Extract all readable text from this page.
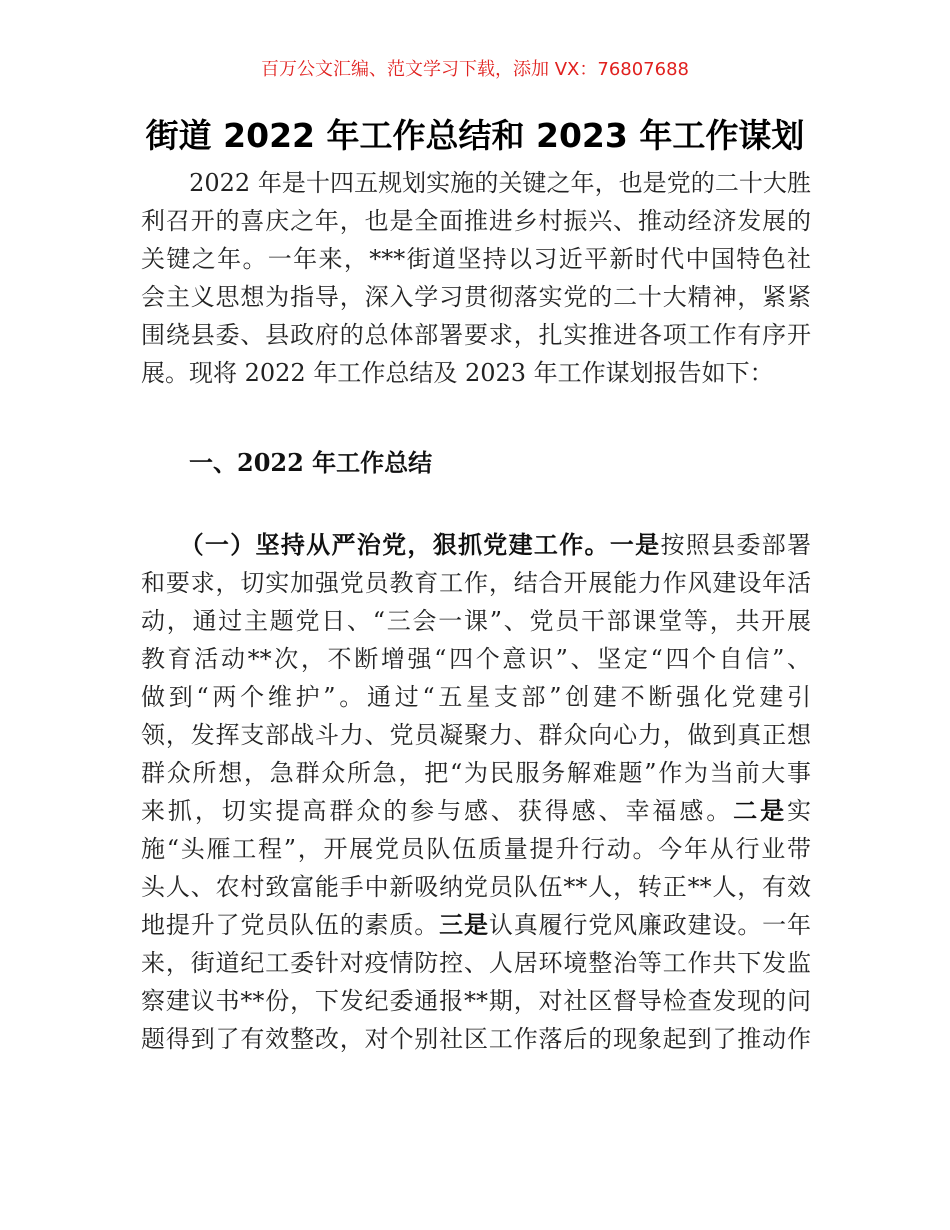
百万公文汇编、范文学习下载，添加 VX：76807688
街道 2022 年工作总结和 2023 年工作谋划
　　2022 年是十四五规划实施的关键之年，也是党的二十大胜
利召开的喜庆之年，也是全面推进乡村振兴、推动经济发展的
关键之年。一年来，***街道坚持以习近平新时代中国特色社
会主义思想为指导，深入学习贯彻落实党的二十大精神，紧紧
围绕县委、县政府的总体部署要求，扎实推进各项工作有序开
展。现将 2022 年工作总结及 2023 年工作谋划报告如下：
　　一、2022 年工作总结
　　（一）坚持从严治党，狠抓党建工作。一是按照县委部署
和要求，切实加强党员教育工作，结合开展能力作风建设年活
动，通过主题党日、“三会一课”、党员干部课堂等，共开展
教育活动**次，不断增强“四个意识”、坚定“四个自信”、
做到“两个维护”。通过“五星支部”创建不断强化党建引
领，发挥支部战斗力、党员凝聚力、群众向心力，做到真正想
群众所想，急群众所急，把“为民服务解难题”作为当前大事
来抓，切实提高群众的参与感、获得感、幸福感。二是实
施“头雁工程”，开展党员队伍质量提升行动。今年从行业带
头人、农村致富能手中新吸纳党员队伍**人，转正**人，有效
地提升了党员队伍的素质。三是认真履行党风廉政建设。一年
来，街道纪工委针对疫情防控、人居环境整治等工作共下发监
察建议书**份，下发纪委通报**期，对社区督导检查发现的问
题得到了有效整改，对个别社区工作落后的现象起到了推动作
